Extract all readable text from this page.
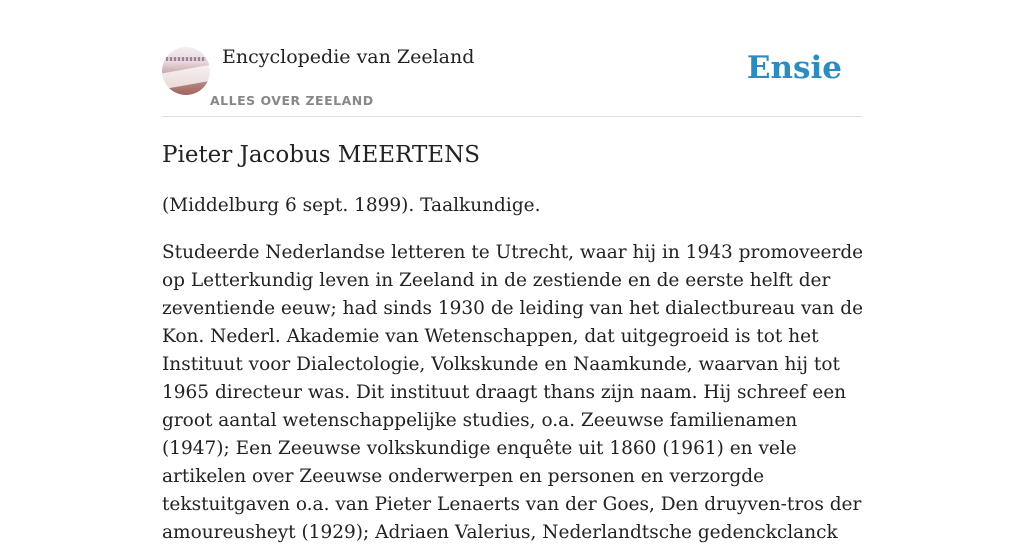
Encyclopedie van Zeeland
ALLES OVER ZEELAND
Ensie
Pieter Jacobus MEERTENS

(Middelburg 6 sept. 1899). Taalkundige.

Studeerde Nederlandse letteren te Utrecht, waar hij in 1943 promoveerde op Letterkundig leven in Zeeland in de zestiende en de eerste helft der zeventiende eeuw; had sinds 1930 de leiding van het dialectbureau van de Kon. Nederl. Akademie van Wetenschappen, dat uitgegroeid is tot het Instituut voor Dialectologie, Volkskunde en Naamkunde, waarvan hij tot 1965 directeur was. Dit instituut draagt thans zijn naam. Hij schreef een groot aantal wetenschappelijke studies, o.a. Zeeuwse familienamen (1947); Een Zeeuwse volkskundige enquête uit 1860 (1961) en vele artikelen over Zeeuwse onderwerpen en personen en verzorgde tekstuitgaven o.a. van Pieter Lenaerts van der Goes, Den druyven-tros der amoureusheyt (1929); Adriaen Valerius, Nederlandtsche gedenckclanck
